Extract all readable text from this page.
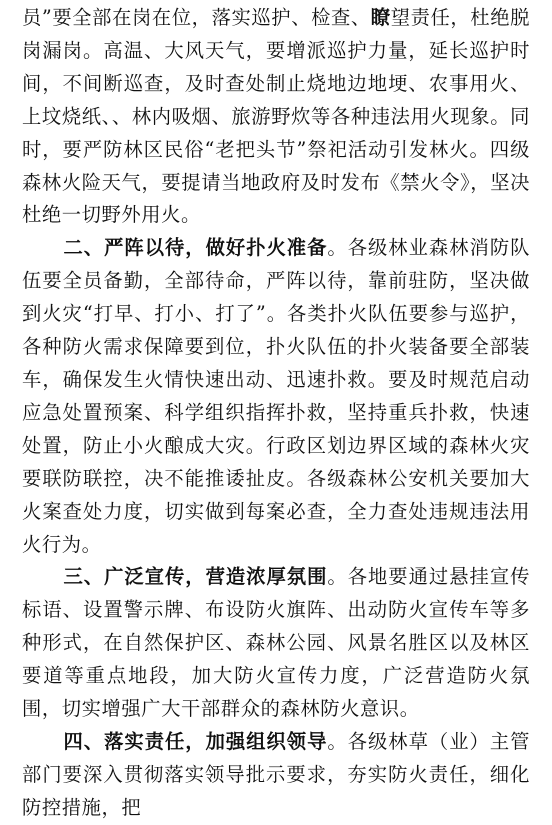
员”要全部在岗在位，落实巡护、检查、瞭望责任，杜绝脱岗漏岗。高温、大风天气，要增派巡护力量，延长巡护时间，不间断巡查，及时查处制止烧地边地埂、农事用火、上坟烧纸、、林内吸烟、旅游野炊等各种违法用火现象。同时，要严防林区民俗“老把头节”祭祀活动引发林火。四级森林火险天气，要提请当地政府及时发布《禁火令》，坚决杜绝一切野外用火。

二、严阵以待，做好扑火准备。各级林业森林消防队伍要全员备勤，全部待命，严阵以待，靠前驻防，坚决做到火灾“打早、打小、打了”。各类扑火队伍要参与巡护，各种防火需求保障要到位，扑火队伍的扑火装备要全部装车，确保发生火情快速出动、迅速扑救。要及时规范启动应急处置预案、科学组织指挥扑救，坚持重兵扑救，快速处置，防止小火酿成大灾。行政区划边界区域的森林火灾要联防联控，决不能推诿扯皮。各级森林公安机关要加大火案查处力度，切实做到每案必查，全力查处违规违法用火行为。

三、广泛宣传，营造浓厚氛围。各地要通过悬挂宣传标语、设置警示牌、布设防火旗阵、出动防火宣传车等多种形式，在自然保护区、森林公园、风景名胜区以及林区要道等重点地段，加大防火宣传力度，广泛营造防火氛围，切实增强广大干部群众的森林防火意识。

四、落实责任，加强组织领导。各级林草（业）主管部门要深入贯彻落实领导批示要求，夯实防火责任，细化防控措施，把
